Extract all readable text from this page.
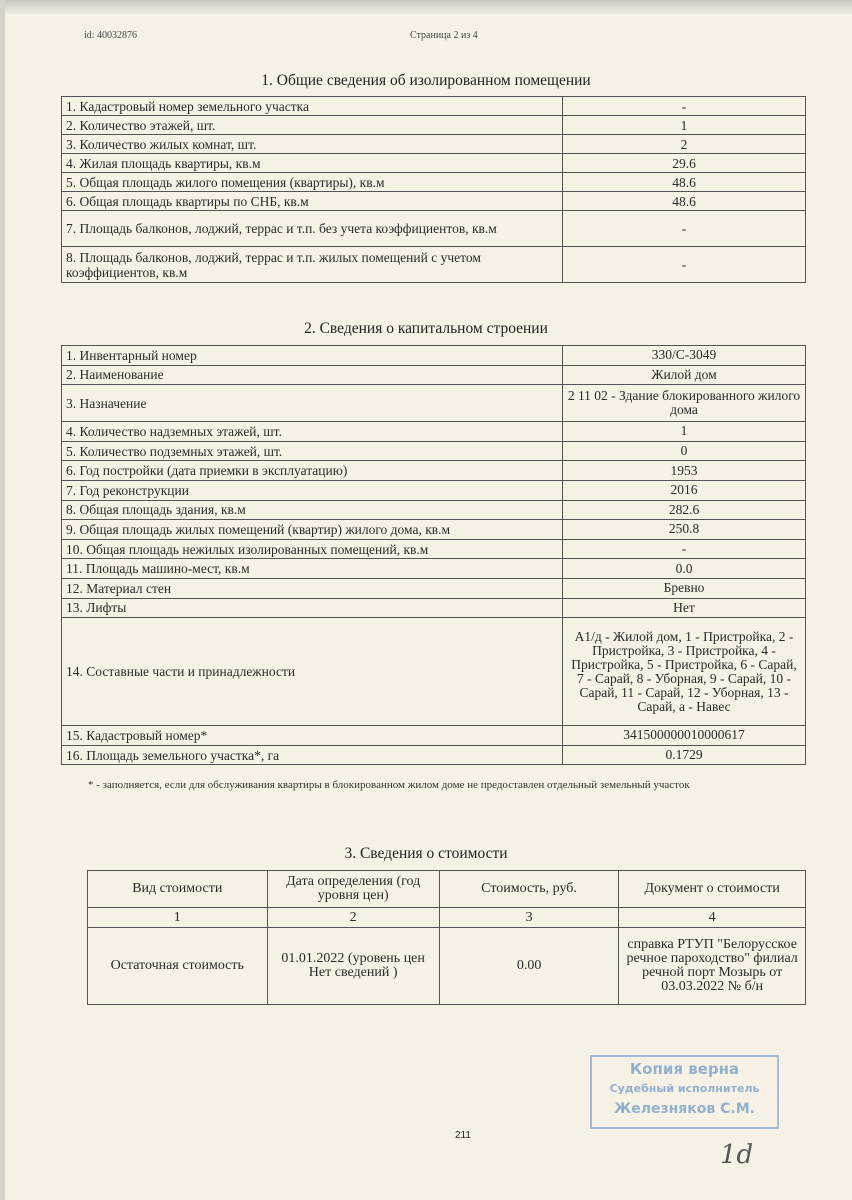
id: 40032876	Страница 2 из 4
1. Общие сведения об изолированном помещении
1. Кадастровый номер земельного участка	-
2. Количество этажей, шт.	1
3. Количество жилых комнат, шт.	2
4. Жилая площадь квартиры, кв.м	29.6
5. Общая площадь жилого помещения (квартиры), кв.м	48.6
6. Общая площадь квартиры по СНБ, кв.м	48.6
7. Площадь балконов, лоджий, террас и т.п. без учета коэффициентов, кв.м	-
8. Площадь балконов, лоджий, террас и т.п. жилых помещений с учетом коэффициентов, кв.м	-
2. Сведения о капитальном строении
1. Инвентарный номер	330/С-3049
2. Наименование	Жилой дом
3. Назначение	2 11 02 - Здание блокированного жилого дома
4. Количество надземных этажей, шт.	1
5. Количество подземных этажей, шт.	0
6. Год постройки (дата приемки в эксплуатацию)	1953
7. Год реконструкции	2016
8. Общая площадь здания, кв.м	282.6
9. Общая площадь жилых помещений (квартир) жилого дома, кв.м	250.8
10. Общая площадь нежилых изолированных помещений, кв.м	-
11. Площадь машино-мест, кв.м	0.0
12. Материал стен	Бревно
13. Лифты	Нет
14. Составные части и принадлежности	А1/д - Жилой дом, 1 - Пристройка, 2 - Пристройка, 3 - Пристройка, 4 - Пристройка, 5 - Пристройка, 6 - Сарай, 7 - Сарай, 8 - Уборная, 9 - Сарай, 10 - Сарай, 11 - Сарай, 12 - Уборная, 13 - Сарай, а - Навес
15. Кадастровый номер*	341500000010000617
16. Площадь земельного участка*, га	0.1729
* - заполняется, если для обслуживания квартиры в блокированном жилом доме не предоставлен отдельный земельный участок
3. Сведения о стоимости
Вид стоимости	Дата определения (год уровня цен)	Стоимость, руб.	Документ о стоимости
1	2	3	4
Остаточная стоимость	01.01.2022 (уровень цен Нет сведений )	0.00	справка РТУП "Белорусское речное пароходство" филиал речной порт Мозырь от 03.03.2022 № б/н
Копия верна
Судебный исполнитель
Железняков С.М.
211
1d
